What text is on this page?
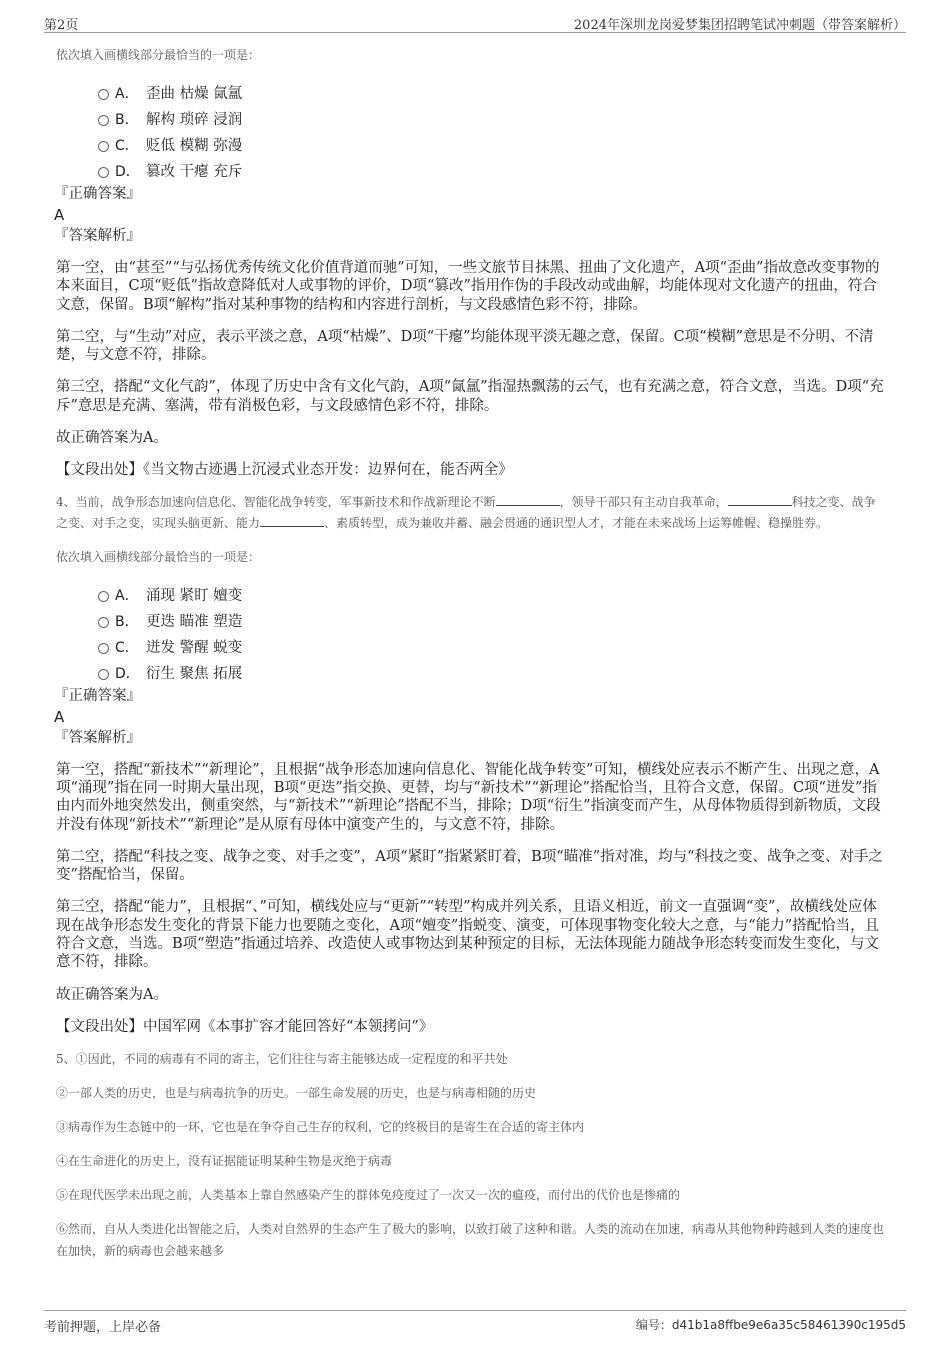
第2页	2024年深圳龙岗爱梦集团招聘笔试冲刺题（带答案解析）
依次填入画横线部分最恰当的一项是：
A． 歪曲 枯燥 氤氲
B． 解构 琐碎 浸润
C． 贬低 模糊 弥漫
D． 篡改 干瘪 充斥
『正确答案』
A
『答案解析』

第一空，由“甚至”“与弘扬优秀传统文化价值背道而驰”可知，一些文旅节目抹黑、扭曲了文化遗产，A项“歪曲”指故意改变事物的本来面目，C项“贬低”指故意降低对人或事物的评价，D项“篡改”指用作伪的手段改动或曲解，均能体现对文化遗产的扭曲，符合文意，保留。B项“解构”指对某种事物的结构和内容进行剖析，与文段感情色彩不符，排除。

第二空，与“生动”对应，表示平淡之意，A项“枯燥”、D项“干瘪”均能体现平淡无趣之意，保留。C项“模糊”意思是不分明、不清楚，与文意不符，排除。

第三空，搭配“文化气韵”，体现了历史中含有文化气韵，A项“氤氲”指湿热飘荡的云气，也有充满之意，符合文意，当选。D项“充斥”意思是充满、塞满，带有消极色彩，与文段感情色彩不符，排除。

故正确答案为A。

【文段出处】《当文物古迹遇上沉浸式业态开发：边界何在，能否两全》

4、当前，战争形态加速向信息化、智能化战争转变，军事新技术和作战新理论不断	，领导干部只有主动自我革命，	科技之变、战争之变、对手之变，实现头脑更新、能力	、素质转型，成为兼收并蓄、融会贯通的通识型人才，才能在未来战场上运筹帷幄、稳操胜券。
依次填入画横线部分最恰当的一项是：
A． 涌现 紧盯 嬗变
B． 更迭 瞄准 塑造
C． 迸发 警醒 蜕变
D． 衍生 聚焦 拓展
『正确答案』
A
『答案解析』

第一空，搭配“新技术”“新理论”，且根据“战争形态加速向信息化、智能化战争转变”可知，横线处应表示不断产生、出现之意，A项“涌现”指在同一时期大量出现，B项“更迭”指交换、更替，均与“新技术”“新理论”搭配恰当，且符合文意，保留。C项“迸发”指由内而外地突然发出，侧重突然，与“新技术”“新理论”搭配不当，排除；D项“衍生”指演变而产生，从母体物质得到新物质，文段并没有体现“新技术”“新理论”是从原有母体中演变产生的，与文意不符，排除。

第二空，搭配“科技之变、战争之变、对手之变”，A项“紧盯”指紧紧盯着，B项“瞄准”指对准，均与“科技之变、战争之变、对手之变”搭配恰当，保留。

第三空，搭配“能力”，且根据“、”可知，横线处应与“更新”“转型”构成并列关系，且语义相近，前文一直强调“变”，故横线处应体现在战争形态发生变化的背景下能力也要随之变化，A项“嬗变”指蜕变、演变，可体现事物变化较大之意，与“能力”搭配恰当，且符合文意，当选。B项“塑造”指通过培养、改造使人或事物达到某种预定的目标，无法体现能力随战争形态转变而发生变化，与文意不符，排除。

故正确答案为A。

【文段出处】中国军网《本事扩容才能回答好“本领拷问”》

5、①因此，不同的病毒有不同的寄主，它们往往与寄主能够达成一定程度的和平共处
②一部人类的历史，也是与病毒抗争的历史。一部生命发展的历史，也是与病毒相随的历史
③病毒作为生态链中的一环，它也是在争夺自己生存的权利，它的终极目的是寄生在合适的寄主体内
④在生命进化的历史上，没有证据能证明某种生物是灭绝于病毒
⑤在现代医学未出现之前，人类基本上靠自然感染产生的群体免疫度过了一次又一次的瘟疫，而付出的代价也是惨痛的
⑥然而，自从人类进化出智能之后，人类对自然界的生态产生了极大的影响，以致打破了这种和谐。人类的流动在加速，病毒从其他物种跨越到人类的速度也在加快，新的病毒也会越来越多
考前押题，上岸必备	编号：d41b1a8ffbe9e6a35c58461390c195d5
